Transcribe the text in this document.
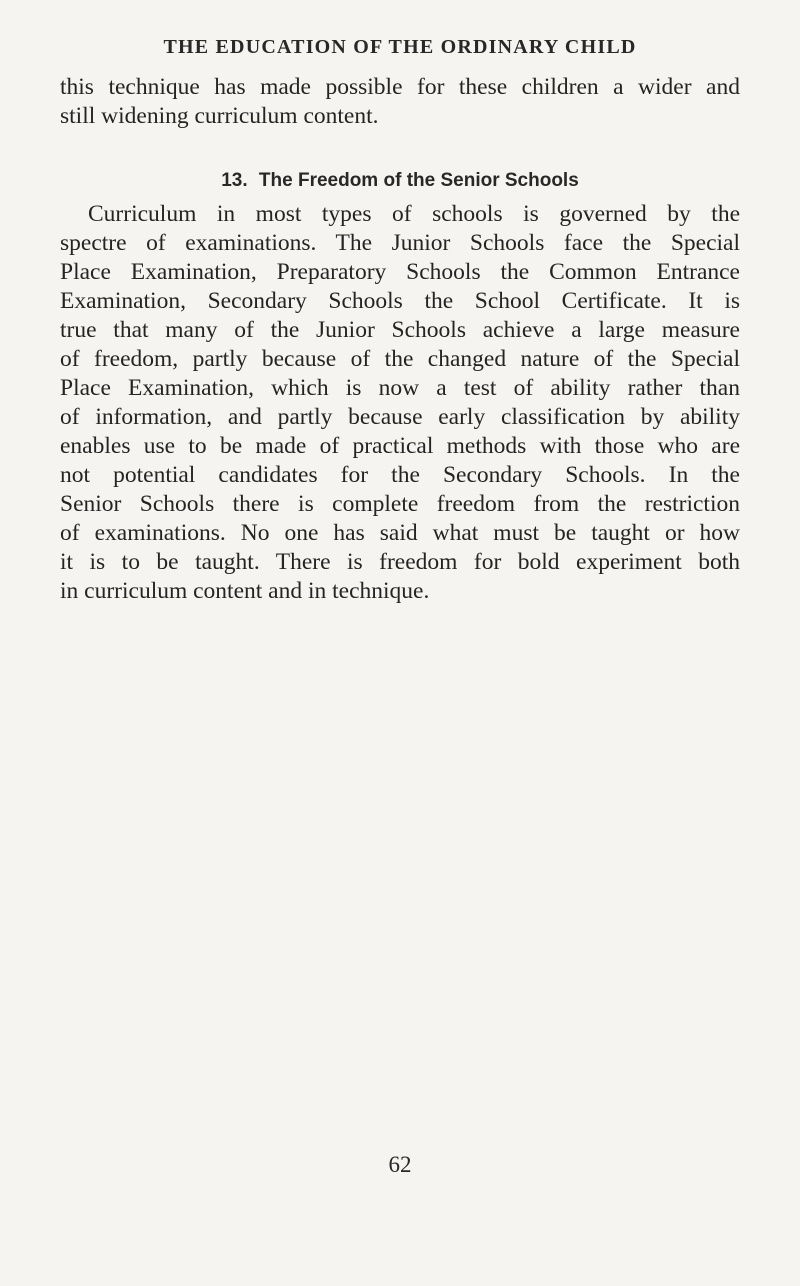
THE EDUCATION OF THE ORDINARY CHILD

this technique has made possible for these children a wider and
still widening curriculum content.

13. The Freedom of the Senior Schools

Curriculum in most types of schools is governed by the
spectre of examinations. The Junior Schools face the Special
Place Examination, Preparatory Schools the Common Entrance
Examination, Secondary Schools the School Certificate. It is
true that many of the Junior Schools achieve a large measure
of freedom, partly because of the changed nature of the Special
Place Examination, which is now a test of ability rather than
of information, and partly because early classification by ability
enables use to be made of practical methods with those who are
not potential candidates for the Secondary Schools. In the
Senior Schools there is complete freedom from the restriction
of examinations. No one has said what must be taught or how
it is to be taught. There is freedom for bold experiment both
in curriculum content and in technique.

62
